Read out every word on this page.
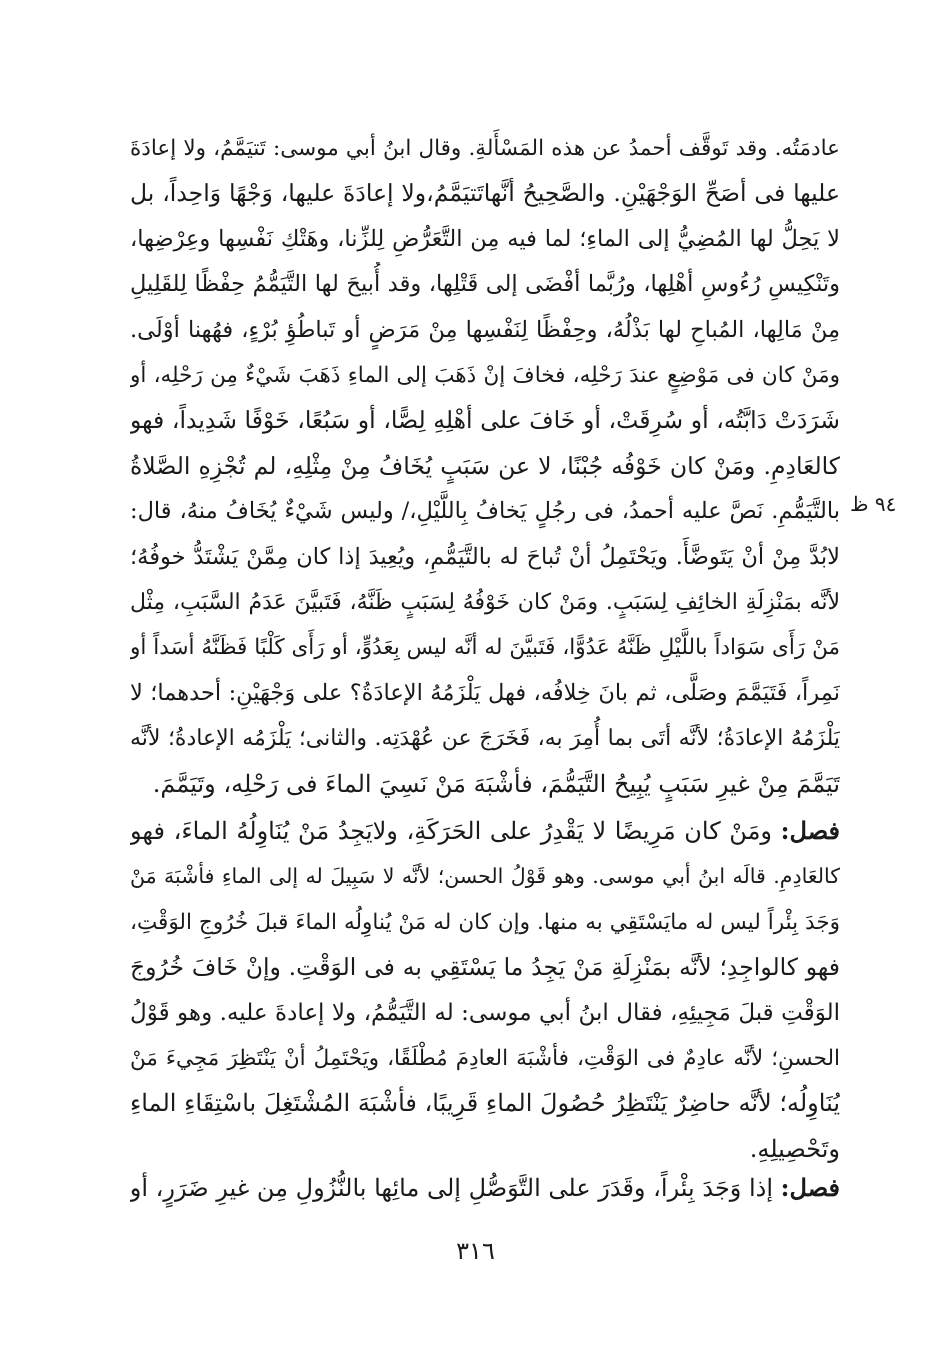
عادمَتُه. وقد تَوقَّف أحمدُ عن هذه المَسْأَلةِ. وقال ابنُ أبي موسى: تَتيَمَّمُ، ولا إعادَةَ
عليها فى أصَحِّ الوَجْهَيْنِ. والصَّحِيحُ أنَّهاتَتيَمَّمُ،ولا إعادَةَ عليها، وَجْهًا وَاحِداً، بل
لا يَحِلُّ لها المُضِيُّ إلى الماءِ؛ لما فيه مِن التَّعَرُّضِ لِلزِّنا، وهَتْكِ نَفْسِها وعِرْضِها،
وتَنْكِيسِ رُءُوسِ أهْلِها، ورُبَّما أفْضَى إلى قَتْلِها، وقد أُبيحَ لها التَّيَمُّمُ حِفْظًا لِلقَلِيلِ
مِنْ مَالِها، المُباحِ لها بَذْلُهُ، وحِفْظًا لِنَفْسِها مِنْ مَرَضٍ أو تَباطُؤِ بُرْءٍ، فهُهنا أوْلَى.
ومَنْ كان فى مَوْضِعٍ عندَ رَحْلِه، فخافَ إنْ ذَهَبَ إلى الماءِ ذَهَبَ شَيْءٌ مِن رَحْلِه، أو
شَرَدَتْ دَابَّتُه، أو سُرِقَتْ، أو خَافَ على أهْلِهِ لِصًّا، أو سَبُعًا، خَوْفًا شَدِيداً، فهو
كالعَادِمِ. ومَنْ كان خَوْفُه جُبْنًا، لا عن سَبَبٍ يُخَافُ مِنْ مِثْلِهِ، لم تُجْزِهِ الصَّلاةُ
بالتَّيَمُّمِ. نَصَّ عليه أحمدُ، فى رجُلٍ يَخافُ بِاللَّيْلِ،/ وليس شَيْءٌ يُخَافُ منهُ، قال:
لابُدَّ مِنْ أنْ يَتَوضَّأَ. ويَحْتَمِلُ أنْ تُباحَ له بالتَّيَمُّمِ، ويُعِيدَ إذا كان مِمَّنْ يَشْتَدُّ خوفُهُ؛
لأنَّه بمَنْزِلَةِ الخائِفِ لِسَبَبٍ. ومَنْ كان خَوْفُهُ لِسَبَبٍ ظَنَّهُ، فَتَبيَّنَ عَدَمُ السَّبَبِ، مِثْل
مَنْ رَأَى سَوَاداً باللَّيْلِ ظَنَّهُ عَدُوًّا، فَتَبيَّنَ له أنَّه ليس بِعَدُوٍّ، أو رَأَى كَلْبًا فَظَنَّهُ أسَداً أو
نَمِراً، فَتَيَمَّمَ وصَلَّى، ثم بانَ خِلافُه، فهل يَلْزَمُهُ الإعادَةُ؟ على وَجْهَيْنِ: أحدهما؛ لا
يَلْزَمُهُ الإعادَةُ؛ لأنَّه أتَى بما أُمِرَ به، فَخَرَجَ عن عُهْدَتِه. والثانى؛ يَلْزَمُه الإعادةُ؛ لأنَّه
تَيَمَّمَ مِنْ غيرِ سَبَبٍ يُبِيحُ التَّيَمُّمَ، فأشْبَهَ مَنْ نَسِيَ الماءَ فى رَحْلِه، وتَيَمَّمَ.
٩٤ ظ
فصل: ومَنْ كان مَرِيضًا لا يَقْدِرُ على الحَرَكَةِ، ولايَجِدُ مَنْ يُنَاوِلُهُ الماءَ، فهو
كالعَادِمِ. قالَه ابنُ أبي موسى. وهو قَوْلُ الحسن؛ لأنَّه لا سَبِيلَ له إلى الماءِ فأشْبَهَ مَنْ
وَجَدَ بِئْراً ليس له مايَسْتَقِي به منها. وإن كان له مَنْ يُناوِلُه الماءَ قبلَ خُرُوجِ الوَقْتِ،
فهو كالواجِدِ؛ لأنَّه بمَنْزِلَةِ مَنْ يَجِدُ ما يَسْتَقِي به فى الوَقْتِ. وإنْ خَافَ خُرُوجَ
الوَقْتِ قبلَ مَجِيئِهِ، فقال ابنُ أبي موسى: له التَّيَمُّمُ، ولا إعادةَ عليه. وهو قَوْلُ
الحسنِ؛ لأنَّه عادِمٌ فى الوَقْتِ، فأشْبَهَ العادِمَ مُطْلَقًا، ويَحْتَمِلُ أنْ يَنْتَظِرَ مَجِيءَ مَنْ
يُنَاوِلُه؛ لأنَّه حاضِرٌ يَنْتَظِرُ حُصُولَ الماءِ قَرِيبًا، فأشْبَهَ المُشْتَغِلَ باسْتِقَاءِ الماءِ
وتَحْصِيلِهِ.
فصل: إذا وَجَدَ بِئْراً، وقَدَرَ على التَّوَصُّلِ إلى مائِها بالنُّزُولِ مِن غيرِ ضَرَرٍ، أو
٣١٦
